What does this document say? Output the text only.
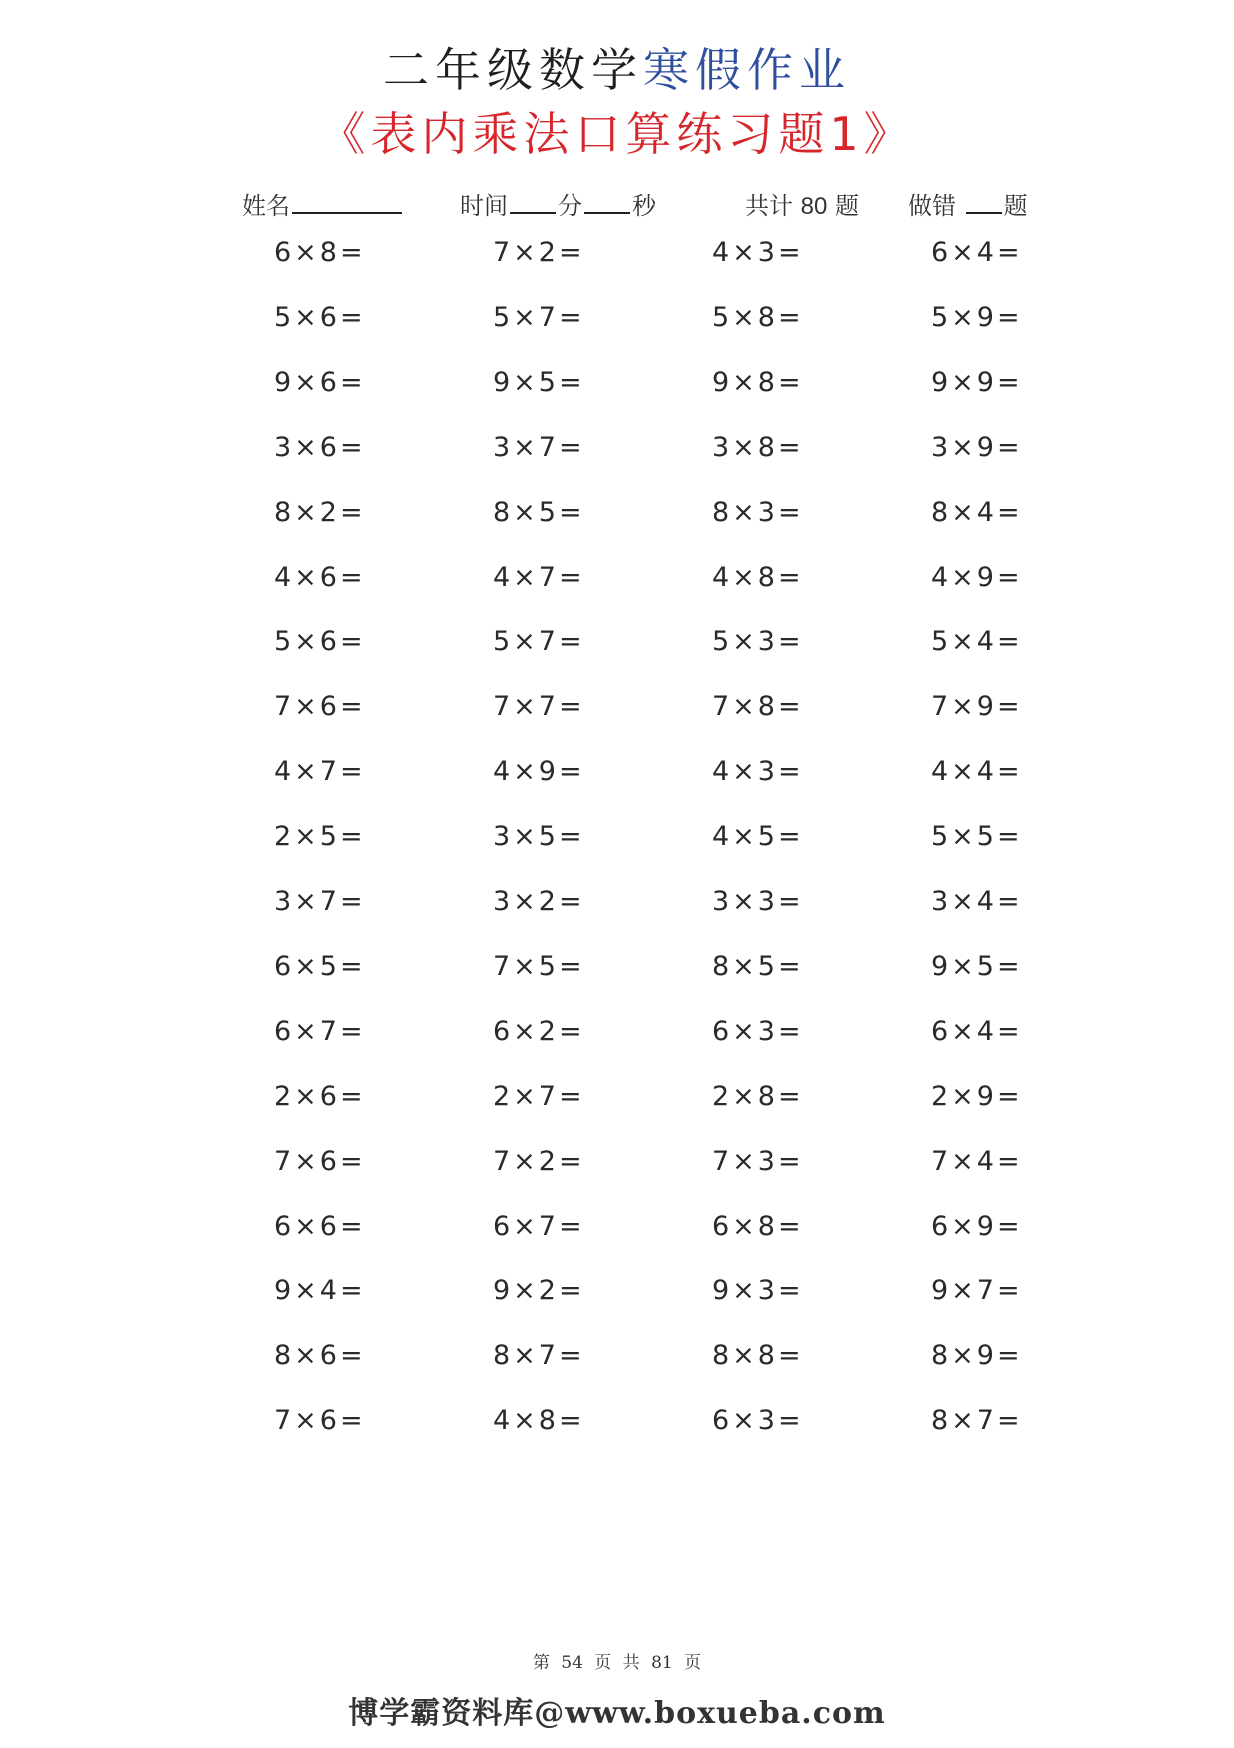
二年级数学寒假作业
《表内乘法口算练习题1》
姓名	时间 分 秒	共计 80 题 做错 题
6×8=	7×2=	4×3=	6×4=
5×6=	5×7=	5×8=	5×9=
9×6=	9×5=	9×8=	9×9=
3×6=	3×7=	3×8=	3×9=
8×2=	8×5=	8×3=	8×4=
4×6=	4×7=	4×8=	4×9=
5×6=	5×7=	5×3=	5×4=
7×6=	7×7=	7×8=	7×9=
4×7=	4×9=	4×3=	4×4=
2×5=	3×5=	4×5=	5×5=
3×7=	3×2=	3×3=	3×4=
6×5=	7×5=	8×5=	9×5=
6×7=	6×2=	6×3=	6×4=
2×6=	2×7=	2×8=	2×9=
7×6=	7×2=	7×3=	7×4=
6×6=	6×7=	6×8=	6×9=
9×4=	9×2=	9×3=	9×7=
8×6=	8×7=	8×8=	8×9=
7×6=	4×8=	6×3=	8×7=
第 54 页 共 81 页
博学霸资料库@www.boxueba.com
